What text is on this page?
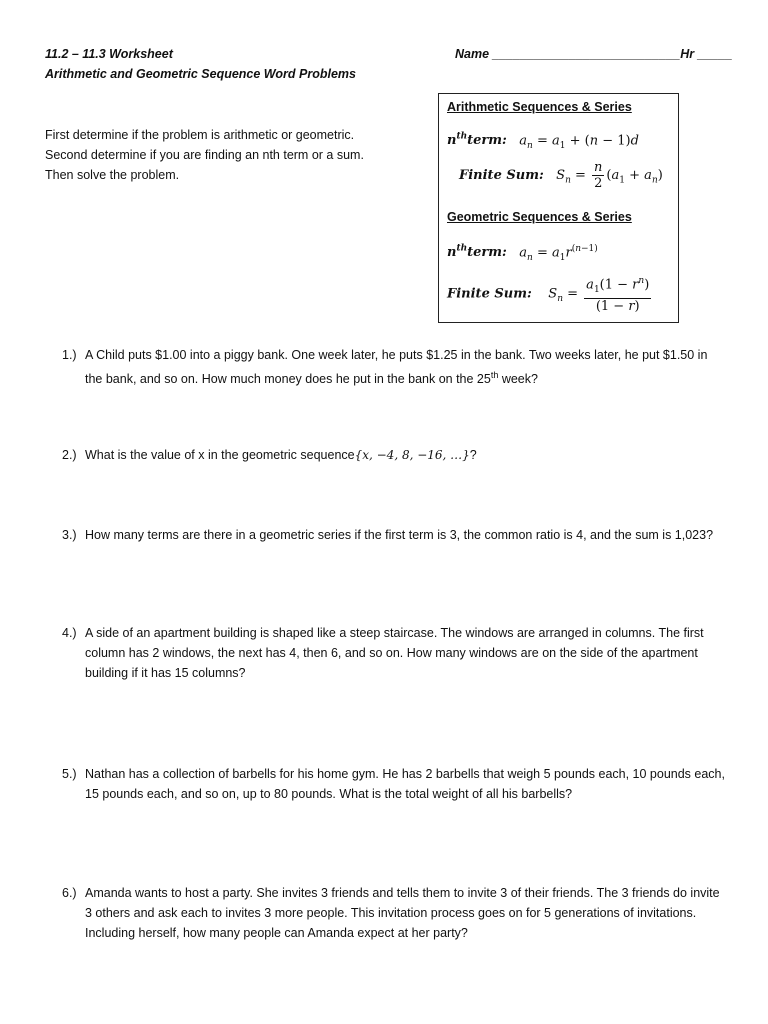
11.2 – 11.3 Worksheet
Arithmetic and Geometric Sequence Word Problems
Name ___________________________Hr _____
First determine if the problem is arithmetic or geometric.
Second determine if you are finding an nth term or a sum.
Then solve the problem.
Arithmetic Sequences & Series
$n^{th}term$: $a_n = a_1 + (n - 1)d$
Finite Sum: $S_n = \frac{n}{2} (a_1 + a_n)$
Geometric Sequences & Series
$n^{th}term$: $a_n = a_1r^{(n-1)}$
Finite Sum: $S_n = \frac{a_1(1 - r^n)}{(1 - r)}$
1.) A Child puts $1.00 into a piggy bank. One week later, he puts $1.25 in the bank. Two weeks later, he put $1.50 in the bank, and so on. How much money does he put in the bank on the 25th week?
2.) What is the value of x in the geometric sequence{x, −4, 8, −16, …}?
3.) How many terms are there in a geometric series if the first term is 3, the common ratio is 4, and the sum is 1,023?
4.) A side of an apartment building is shaped like a steep staircase. The windows are arranged in columns. The first column has 2 windows, the next has 4, then 6, and so on. How many windows are on the side of the apartment building if it has 15 columns?
5.) Nathan has a collection of barbells for his home gym. He has 2 barbells that weigh 5 pounds each, 10 pounds each, 15 pounds each, and so on, up to 80 pounds. What is the total weight of all his barbells?
6.) Amanda wants to host a party. She invites 3 friends and tells them to invite 3 of their friends. The 3 friends do invite 3 others and ask each to invites 3 more people. This invitation process goes on for 5 generations of invitations. Including herself, how many people can Amanda expect at her party?
